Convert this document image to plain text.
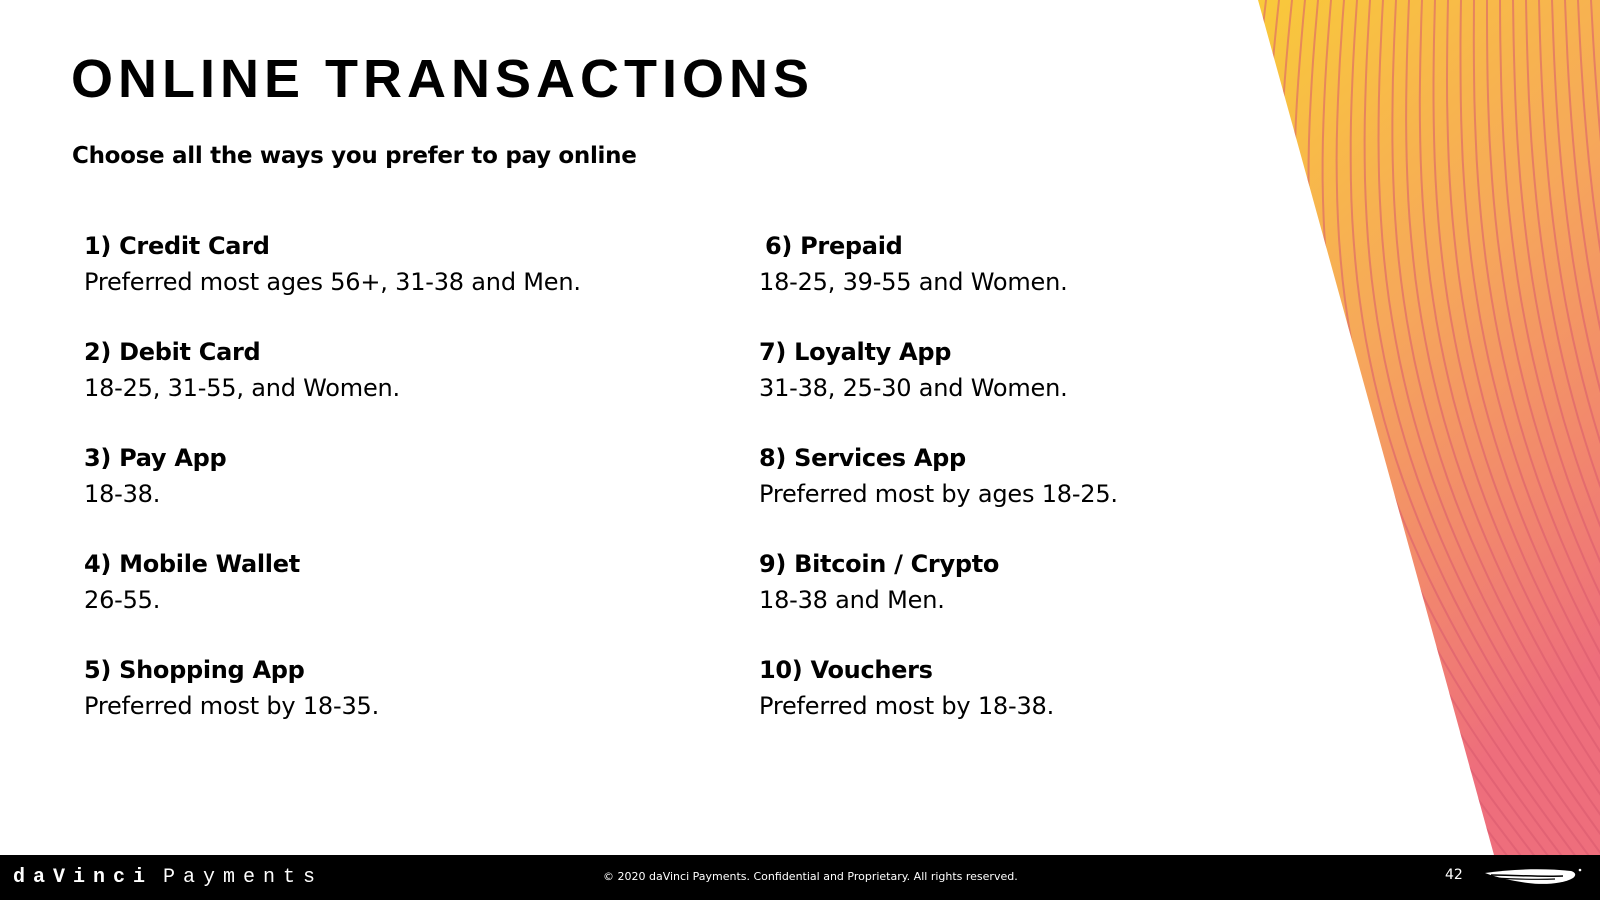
ONLINE TRANSACTIONS
Choose all the ways you prefer to pay online
1) Credit Card
Preferred most ages 56+, 31-38 and Men.
2) Debit Card
18-25, 31-55, and Women.
3) Pay App
18-38.
4) Mobile Wallet
26-55.
5) Shopping App
Preferred most by 18-35.
6) Prepaid
18-25, 39-55 and Women.
7) Loyalty App
31-38, 25-30 and Women.
8) Services App
Preferred most by ages 18-25.
9) Bitcoin / Crypto
18-38 and Men.
10) Vouchers
Preferred most by 18-38.
daVinci Payments	© 2020 daVinci Payments. Confidential and Proprietary. All rights reserved.	42
